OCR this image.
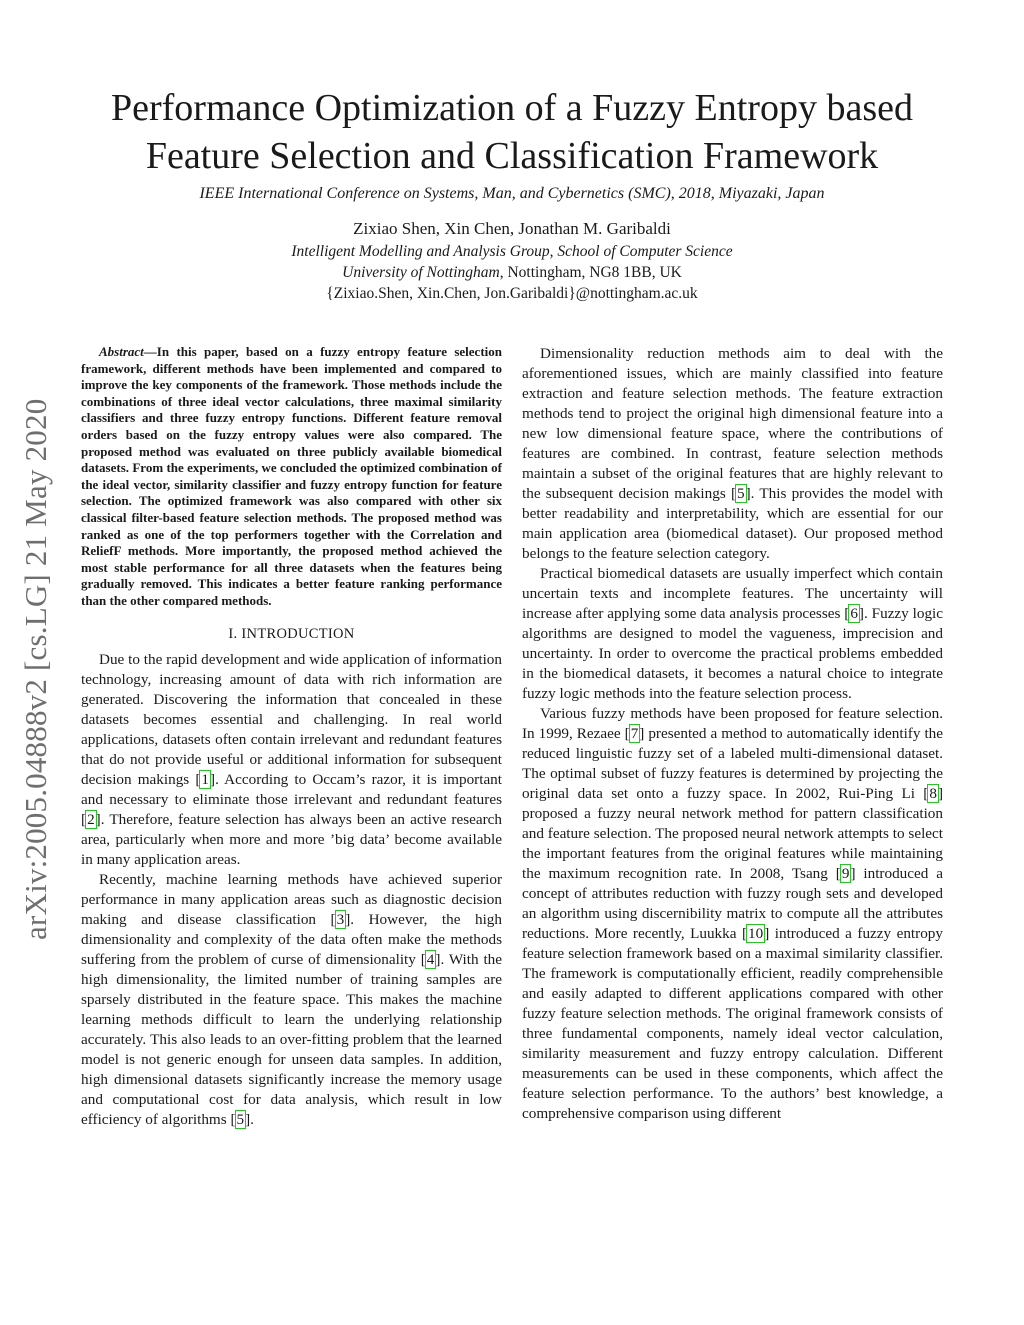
arXiv:2005.04888v2 [cs.LG] 21 May 2020
Performance Optimization of a Fuzzy Entropy based
Feature Selection and Classification Framework
IEEE International Conference on Systems, Man, and Cybernetics (SMC), 2018, Miyazaki, Japan
Zixiao Shen, Xin Chen, Jonathan M. Garibaldi
Intelligent Modelling and Analysis Group, School of Computer Science
University of Nottingham, Nottingham, NG8 1BB, UK
{Zixiao.Shen, Xin.Chen, Jon.Garibaldi}@nottingham.ac.uk

Abstract—In this paper, based on a fuzzy entropy feature selection framework, different methods have been implemented and compared to improve the key components of the framework. Those methods include the combinations of three ideal vector calculations, three maximal similarity classifiers and three fuzzy entropy functions. Different feature removal orders based on the fuzzy entropy values were also compared. The proposed method was evaluated on three publicly available biomedical datasets. From the experiments, we concluded the optimized combination of the ideal vector, similarity classifier and fuzzy entropy function for feature selection. The optimized framework was also compared with other six classical filter-based feature selection methods. The proposed method was ranked as one of the top performers together with the Correlation and ReliefF methods. More importantly, the proposed method achieved the most stable performance for all three datasets when the features being gradually removed. This indicates a better feature ranking performance than the other compared methods.

I. INTRODUCTION

Due to the rapid development and wide application of information technology, increasing amount of data with rich information are generated. Discovering the information that concealed in these datasets becomes essential and challenging. In real world applications, datasets often contain irrelevant and redundant features that do not provide useful or additional information for subsequent decision makings [1]. According to Occam’s razor, it is important and necessary to eliminate those irrelevant and redundant features [2]. Therefore, feature selection has always been an active research area, particularly when more and more ’big data’ become available in many application areas.

Recently, machine learning methods have achieved superior performance in many application areas such as diagnostic decision making and disease classification [3]. However, the high dimensionality and complexity of the data often make the methods suffering from the problem of curse of dimensionality [4]. With the high dimensionality, the limited number of training samples are sparsely distributed in the feature space. This makes the machine learning methods difficult to learn the underlying relationship accurately. This also leads to an over-fitting problem that the learned model is not generic enough for unseen data samples. In addition, high dimensional datasets significantly increase the memory usage and computational cost for data analysis, which result in low efficiency of algorithms [5].

Dimensionality reduction methods aim to deal with the aforementioned issues, which are mainly classified into feature extraction and feature selection methods. The feature extraction methods tend to project the original high dimensional feature into a new low dimensional feature space, where the contributions of features are combined. In contrast, feature selection methods maintain a subset of the original features that are highly relevant to the subsequent decision makings [5]. This provides the model with better readability and interpretability, which are essential for our main application area (biomedical dataset). Our proposed method belongs to the feature selection category.

Practical biomedical datasets are usually imperfect which contain uncertain texts and incomplete features. The uncertainty will increase after applying some data analysis processes [6]. Fuzzy logic algorithms are designed to model the vagueness, imprecision and uncertainty. In order to overcome the practical problems embedded in the biomedical datasets, it becomes a natural choice to integrate fuzzy logic methods into the feature selection process.

Various fuzzy methods have been proposed for feature selection. In 1999, Rezaee [7] presented a method to automatically identify the reduced linguistic fuzzy set of a labeled multi-dimensional dataset. The optimal subset of fuzzy features is determined by projecting the original data set onto a fuzzy space. In 2002, Rui-Ping Li [8] proposed a fuzzy neural network method for pattern classification and feature selection. The proposed neural network attempts to select the important features from the original features while maintaining the maximum recognition rate. In 2008, Tsang [9] introduced a concept of attributes reduction with fuzzy rough sets and developed an algorithm using discernibility matrix to compute all the attributes reductions. More recently, Luukka [10] introduced a fuzzy entropy feature selection framework based on a maximal similarity classifier. The framework is computationally efficient, readily comprehensible and easily adapted to different applications compared with other fuzzy feature selection methods. The original framework consists of three fundamental components, namely ideal vector calculation, similarity measurement and fuzzy entropy calculation. Different measurements can be used in these components, which affect the feature selection performance. To the authors’ best knowledge, a comprehensive comparison using different
